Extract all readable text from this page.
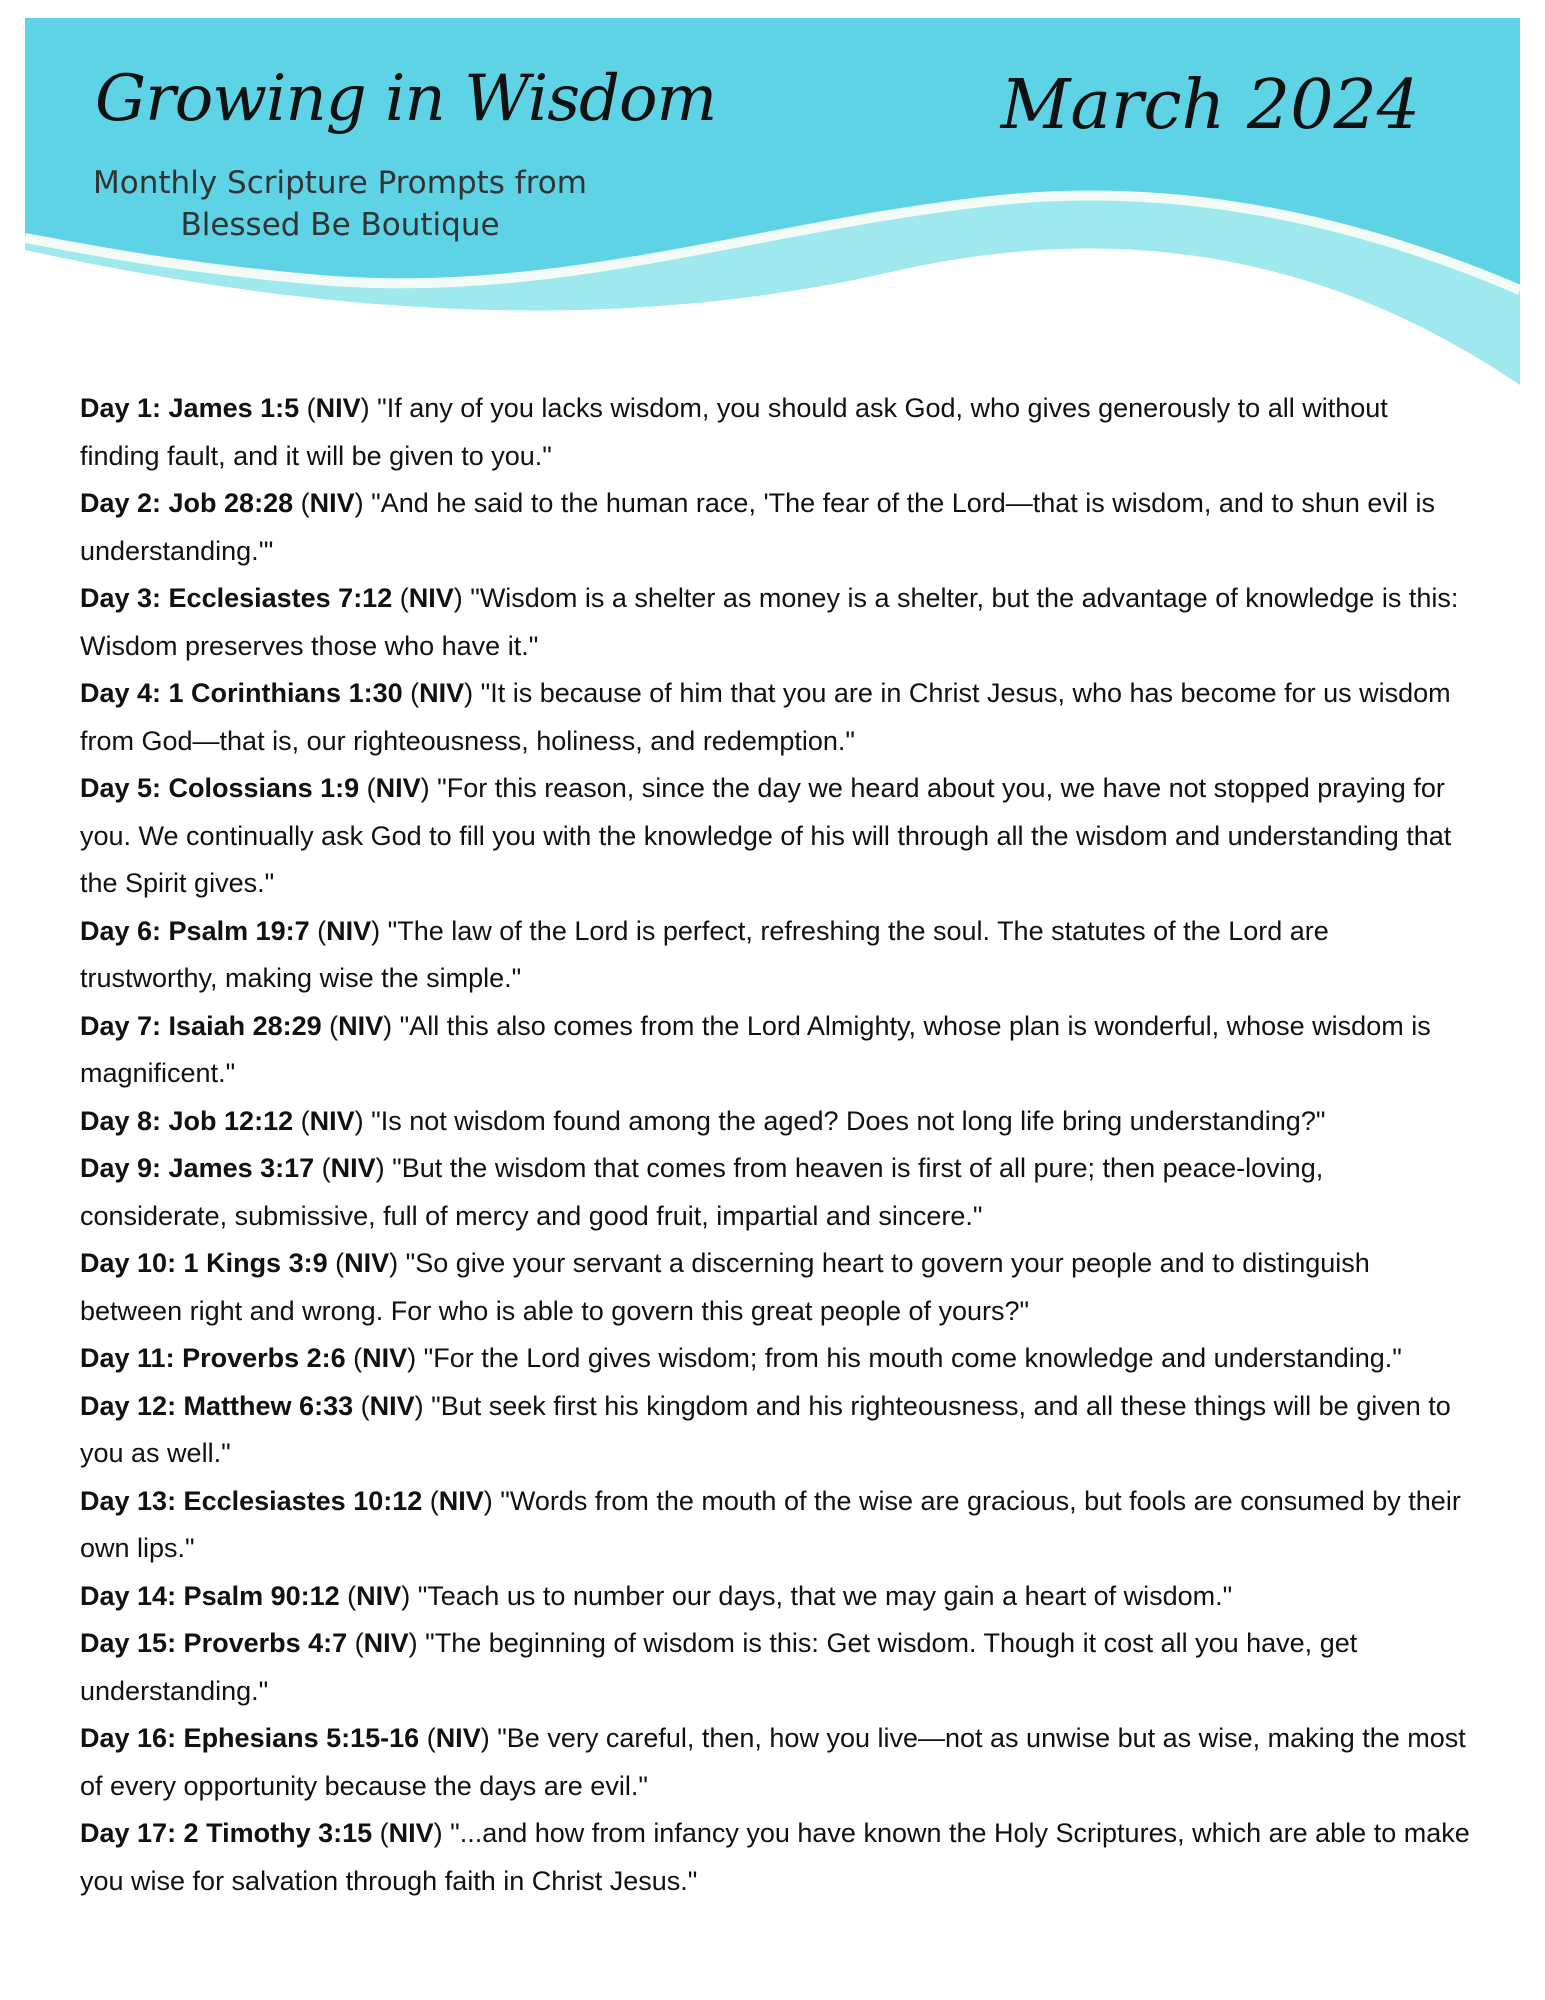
Growing in Wisdom
Monthly Scripture Prompts from
Blessed Be Boutique
March 2024

Day 1: James 1:5 (NIV) "If any of you lacks wisdom, you should ask God, who gives generously to all without finding fault, and it will be given to you."

Day 2: Job 28:28 (NIV) "And he said to the human race, 'The fear of the Lord—that is wisdom, and to shun evil is understanding.'"

Day 3: Ecclesiastes 7:12 (NIV) "Wisdom is a shelter as money is a shelter, but the advantage of knowledge is this: Wisdom preserves those who have it."

Day 4: 1 Corinthians 1:30 (NIV) "It is because of him that you are in Christ Jesus, who has become for us wisdom from God—that is, our righteousness, holiness, and redemption."

Day 5: Colossians 1:9 (NIV) "For this reason, since the day we heard about you, we have not stopped praying for you. We continually ask God to fill you with the knowledge of his will through all the wisdom and understanding that the Spirit gives."

Day 6: Psalm 19:7 (NIV) "The law of the Lord is perfect, refreshing the soul. The statutes of the Lord are trustworthy, making wise the simple."

Day 7: Isaiah 28:29 (NIV) "All this also comes from the Lord Almighty, whose plan is wonderful, whose wisdom is magnificent."

Day 8: Job 12:12 (NIV) "Is not wisdom found among the aged? Does not long life bring understanding?"

Day 9: James 3:17 (NIV) "But the wisdom that comes from heaven is first of all pure; then peace-loving, considerate, submissive, full of mercy and good fruit, impartial and sincere."

Day 10: 1 Kings 3:9 (NIV) "So give your servant a discerning heart to govern your people and to distinguish between right and wrong. For who is able to govern this great people of yours?"

Day 11: Proverbs 2:6 (NIV) "For the Lord gives wisdom; from his mouth come knowledge and understanding."

Day 12: Matthew 6:33 (NIV) "But seek first his kingdom and his righteousness, and all these things will be given to you as well."

Day 13: Ecclesiastes 10:12 (NIV) "Words from the mouth of the wise are gracious, but fools are consumed by their own lips."

Day 14: Psalm 90:12 (NIV) "Teach us to number our days, that we may gain a heart of wisdom."

Day 15: Proverbs 4:7 (NIV) "The beginning of wisdom is this: Get wisdom. Though it cost all you have, get understanding."

Day 16: Ephesians 5:15-16 (NIV) "Be very careful, then, how you live—not as unwise but as wise, making the most of every opportunity because the days are evil."

Day 17: 2 Timothy 3:15 (NIV) "...and how from infancy you have known the Holy Scriptures, which are able to make you wise for salvation through faith in Christ Jesus."
